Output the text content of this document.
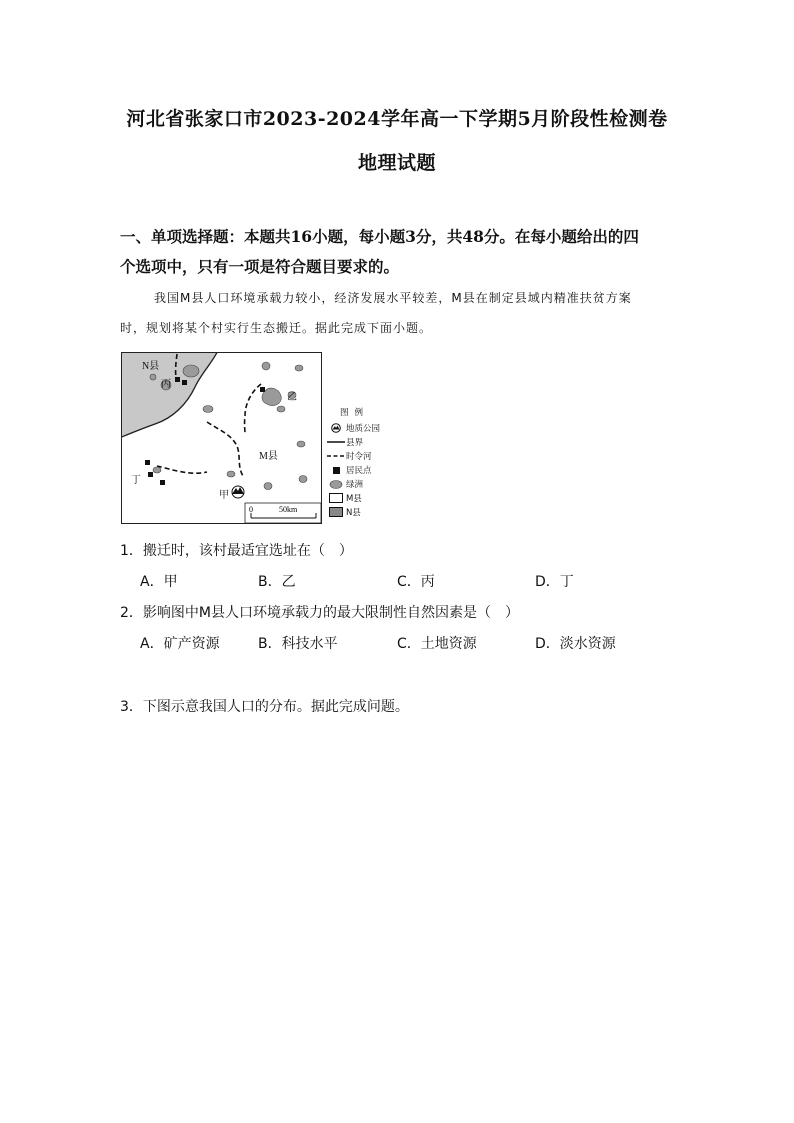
河北省张家口市2023-2024学年高一下学期5月阶段性检测卷
地理试题
一、单项选择题：本题共16小题，每小题3分，共48分。在每小题给出的四
个选项中，只有一项是符合题目要求的。
我国M县人口环境承载力较小，经济发展水平较差，M县在制定县域内精准扶贫方案
时，规划将某个村实行生态搬迁。据此完成下面小题。
N县
丙
乙
M县
丁
甲
0	50km
图例
地质公园
县界
时令河
居民点
绿洲
M县
N县
1．搬迁时，该村最适宜选址在（　）
A．甲	B．乙	C．丙	D．丁
2．影响图中M县人口环境承载力的最大限制性自然因素是（　）
A．矿产资源	B．科技水平	C．土地资源	D．淡水资源
3．下图示意我国人口的分布。据此完成问题。
